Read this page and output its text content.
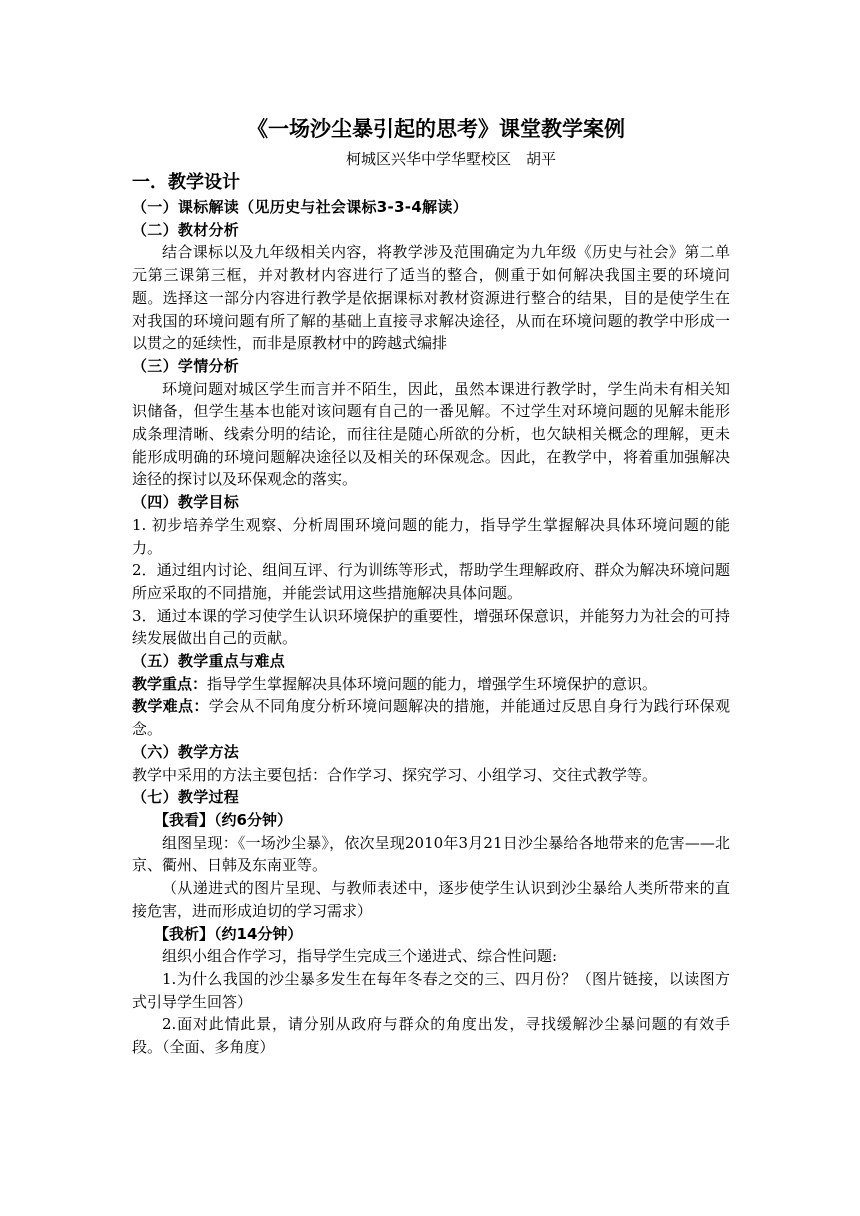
《一场沙尘暴引起的思考》课堂教学案例

柯城区兴华中学华墅校区　胡平

一．教学设计

（一）课标解读（见历史与社会课标3-3-4解读）

（二）教材分析

结合课标以及九年级相关内容，将教学涉及范围确定为九年级《历史与社会》第二单元第三课第三框，并对教材内容进行了适当的整合，侧重于如何解决我国主要的环境问题。选择这一部分内容进行教学是依据课标对教材资源进行整合的结果，目的是使学生在对我国的环境问题有所了解的基础上直接寻求解决途径，从而在环境问题的教学中形成一以贯之的延续性，而非是原教材中的跨越式编排

（三）学情分析

环境问题对城区学生而言并不陌生，因此，虽然本课进行教学时，学生尚未有相关知识储备，但学生基本也能对该问题有自己的一番见解。不过学生对环境问题的见解未能形成条理清晰、线索分明的结论，而往往是随心所欲的分析，也欠缺相关概念的理解，更未能形成明确的环境问题解决途径以及相关的环保观念。因此，在教学中，将着重加强解决途径的探讨以及环保观念的落实。

（四）教学目标

1. 初步培养学生观察、分析周围环境问题的能力，指导学生掌握解决具体环境问题的能力。

2．通过组内讨论、组间互评、行为训练等形式，帮助学生理解政府、群众为解决环境问题所应采取的不同措施，并能尝试用这些措施解决具体问题。

3．通过本课的学习使学生认识环境保护的重要性，增强环保意识，并能努力为社会的可持续发展做出自己的贡献。

（五）教学重点与难点

教学重点：指导学生掌握解决具体环境问题的能力，增强学生环境保护的意识。

教学难点：学会从不同角度分析环境问题解决的措施，并能通过反思自身行为践行环保观念。

（六）教学方法

教学中采用的方法主要包括：合作学习、探究学习、小组学习、交往式教学等。

（七）教学过程

【我看】（约6分钟）

组图呈现：《一场沙尘暴》，依次呈现2010年3月21日沙尘暴给各地带来的危害——北京、衢州、日韩及东南亚等。

（从递进式的图片呈现、与教师表述中，逐步使学生认识到沙尘暴给人类所带来的直接危害，进而形成迫切的学习需求）

【我析】（约14分钟）

组织小组合作学习，指导学生完成三个递进式、综合性问题:

1.为什么我国的沙尘暴多发生在每年冬春之交的三、四月份？（图片链接，以读图方式引导学生回答）

2.面对此情此景，请分别从政府与群众的角度出发，寻找缓解沙尘暴问题的有效手段。（全面、多角度）
